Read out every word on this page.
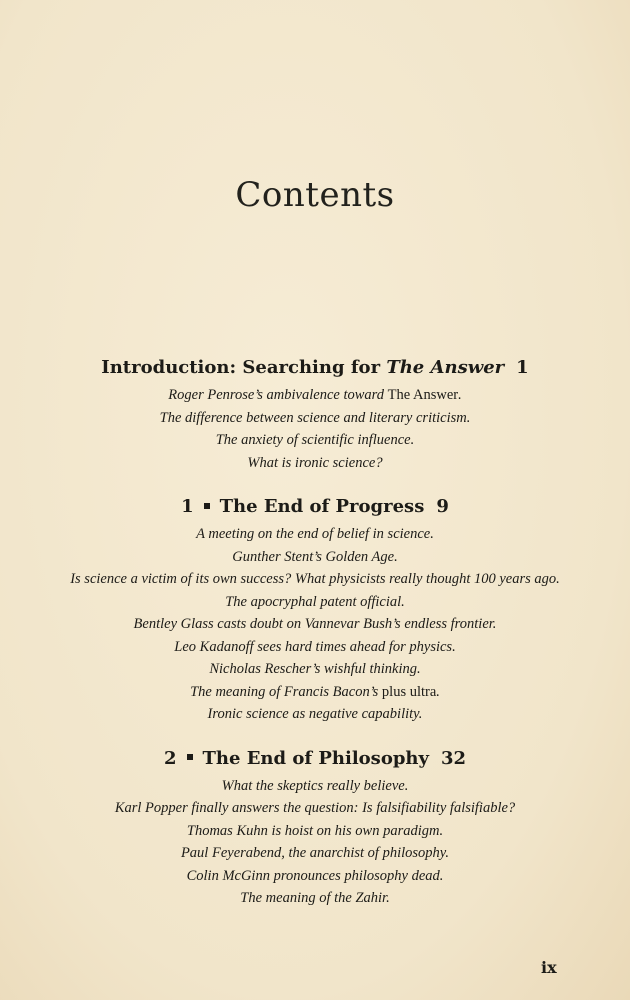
Contents
Introduction: Searching for The Answer 1
Roger Penrose’s ambivalence toward The Answer.
The difference between science and literary criticism.
The anxiety of scientific influence.
What is ironic science?
1 The End of Progress 9
A meeting on the end of belief in science.
Gunther Stent’s Golden Age.
Is science a victim of its own success? What physicists really thought 100 years ago.
The apocryphal patent official.
Bentley Glass casts doubt on Vannevar Bush’s endless frontier.
Leo Kadanoff sees hard times ahead for physics.
Nicholas Rescher’s wishful thinking.
The meaning of Francis Bacon’s plus ultra.
Ironic science as negative capability.
2 The End of Philosophy 32
What the skeptics really believe.
Karl Popper finally answers the question: Is falsifiability falsifiable?
Thomas Kuhn is hoist on his own paradigm.
Paul Feyerabend, the anarchist of philosophy.
Colin McGinn pronounces philosophy dead.
The meaning of the Zahir.
ix
